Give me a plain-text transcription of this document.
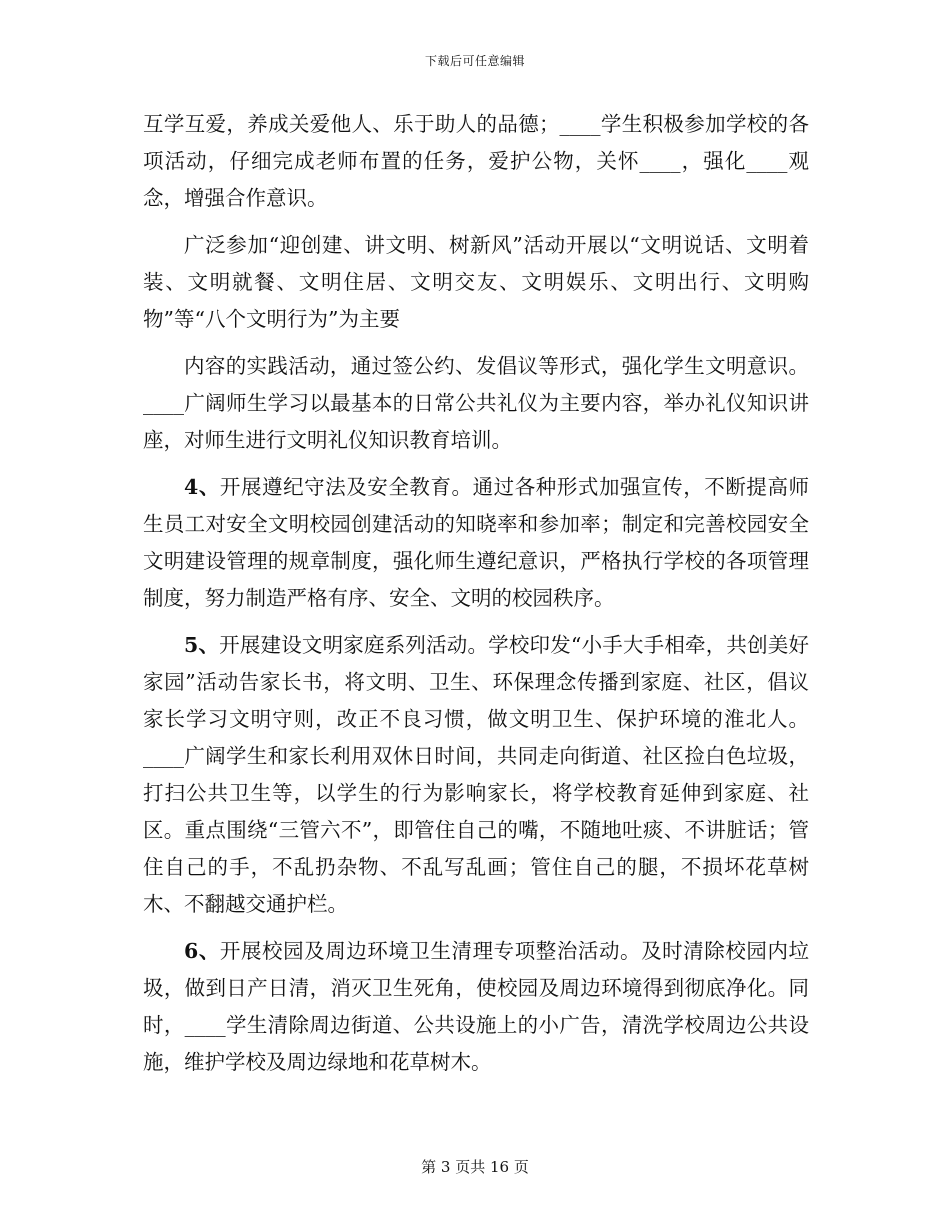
下载后可任意编辑

互学互爱，养成关爱他人、乐于助人的品德；____学生积极参加学校的各项活动，仔细完成老师布置的任务，爱护公物，关怀____，强化____观念，增强合作意识。

广泛参加“迎创建、讲文明、树新风”活动开展以“文明说话、文明着装、文明就餐、文明住居、文明交友、文明娱乐、文明出行、文明购物”等“八个文明行为”为主要

内容的实践活动，通过签公约、发倡议等形式，强化学生文明意识。____广阔师生学习以最基本的日常公共礼仪为主要内容，举办礼仪知识讲座，对师生进行文明礼仪知识教育培训。

4、开展遵纪守法及安全教育。通过各种形式加强宣传，不断提高师生员工对安全文明校园创建活动的知晓率和参加率；制定和完善校园安全文明建设管理的规章制度，强化师生遵纪意识，严格执行学校的各项管理制度，努力制造严格有序、安全、文明的校园秩序。

5、开展建设文明家庭系列活动。学校印发“小手大手相牵，共创美好家园”活动告家长书，将文明、卫生、环保理念传播到家庭、社区，倡议家长学习文明守则，改正不良习惯，做文明卫生、保护环境的淮北人。____广阔学生和家长利用双休日时间，共同走向街道、社区捡白色垃圾，打扫公共卫生等，以学生的行为影响家长，将学校教育延伸到家庭、社区。重点围绕“三管六不”，即管住自己的嘴，不随地吐痰、不讲脏话；管住自己的手，不乱扔杂物、不乱写乱画；管住自己的腿，不损坏花草树木、不翻越交通护栏。

6、开展校园及周边环境卫生清理专项整治活动。及时清除校园内垃圾，做到日产日清，消灭卫生死角，使校园及周边环境得到彻底净化。同时，____学生清除周边街道、公共设施上的小广告，清洗学校周边公共设施，维护学校及周边绿地和花草树木。

第 3 页共 16 页
